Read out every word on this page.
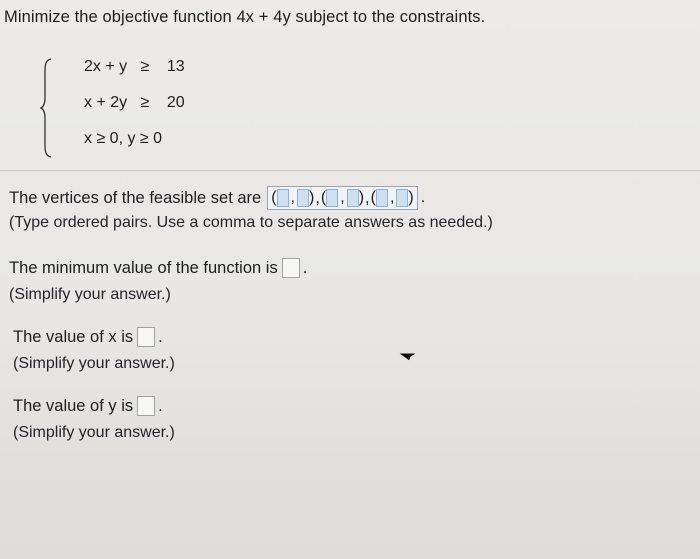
Minimize the objective function 4x + 4y subject to the constraints.
2x + y ≥ 13
x + 2y ≥ 20
x ≥ 0, y ≥ 0
The vertices of the feasible set are ( , ) , ( , ) , ( , ) .
(Type ordered pairs. Use a comma to separate answers as needed.)
The minimum value of the function is .
(Simplify your answer.)
The value of x is .
(Simplify your answer.)
The value of y is .
(Simplify your answer.)
